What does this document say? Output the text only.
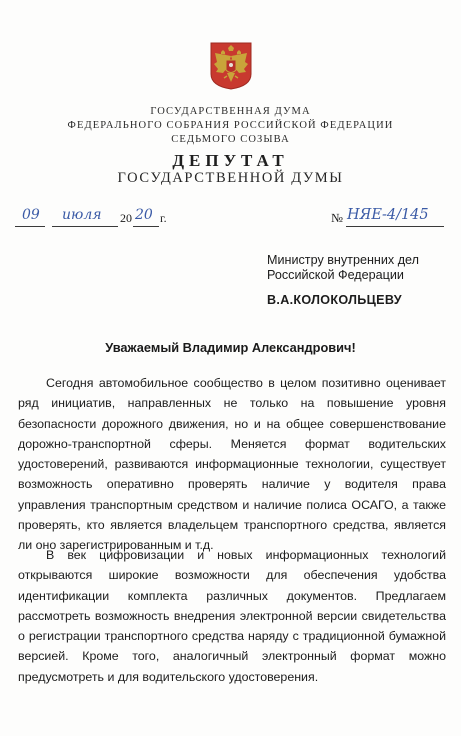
ГОСУДАРСТВЕННАЯ ДУМА
ФЕДЕРАЛЬНОГО СОБРАНИЯ РОССИЙСКОЙ ФЕДЕРАЦИИ
СЕДЬМОГО СОЗЫВА
ДЕПУТАТ
ГОСУДАРСТВЕННОЙ ДУМЫ
09 июля 20 20 г.	№ НЯЕ-4/145
Министру внутренних дел
Российской Федерации
В.А.КОЛОКОЛЬЦЕВУ
Уважаемый Владимир Александрович!

Сегодня автомобильное сообщество в целом позитивно оценивает ряд инициатив, направленных не только на повышение уровня безопасности дорожного движения, но и на общее совершенствование дорожно-транспортной сферы. Меняется формат водительских удостоверений, развиваются информационные технологии, существует возможность оперативно проверять наличие у водителя права управления транспортным средством и наличие полиса ОСАГО, а также проверять, кто является владельцем транспортного средства, является ли оно зарегистрированным и т.д.

В век цифровизации и новых информационных технологий открываются широкие возможности для обеспечения удобства идентификации комплекта различных документов. Предлагаем рассмотреть возможность внедрения электронной версии свидетельства о регистрации транспортного средства наряду с традиционной бумажной версией. Кроме того, аналогичный электронный формат можно предусмотреть и для водительского удостоверения.
